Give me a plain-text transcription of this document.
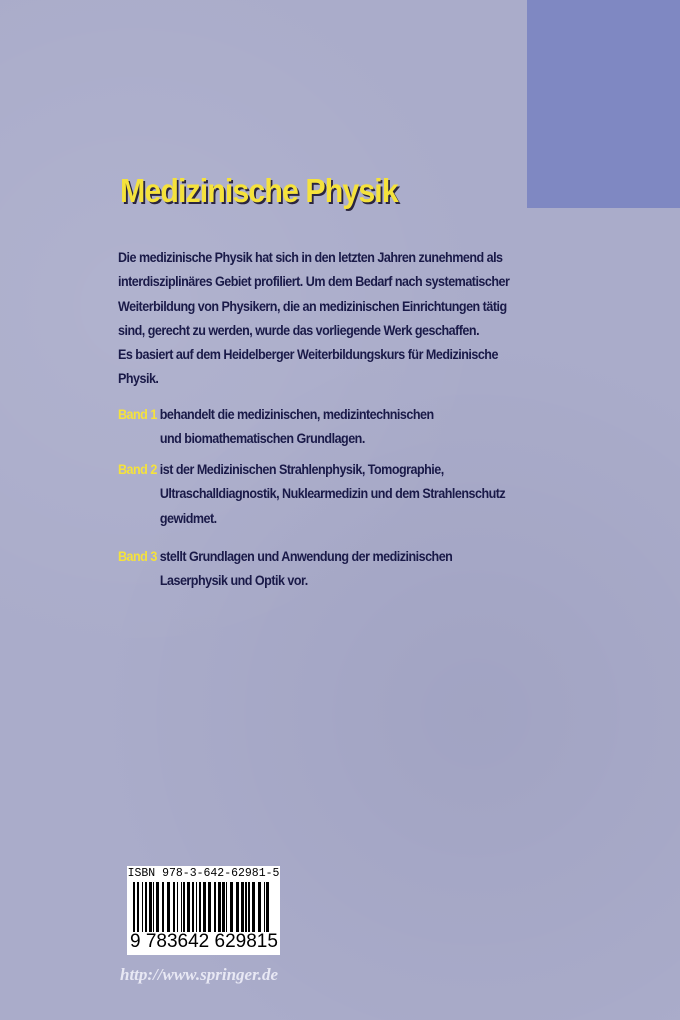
Medizinische Physik
Die medizinische Physik hat sich in den letzten Jahren zunehmend als
interdisziplinäres Gebiet profiliert. Um dem Bedarf nach systematischer
Weiterbildung von Physikern, die an medizinischen Einrichtungen tätig
sind, gerecht zu werden, wurde das vorliegende Werk geschaffen.
Es basiert auf dem Heidelberger Weiterbildungskurs für Medizinische
Physik.
Band 1 behandelt die medizinischen, medizintechnischen
und biomathematischen Grundlagen.
Band 2 ist der Medizinischen Strahlenphysik, Tomographie,
Ultraschalldiagnostik, Nuklearmedizin und dem Strahlenschutz
gewidmet.
Band 3 stellt Grundlagen und Anwendung der medizinischen
Laserphysik und Optik vor.
ISBN 978-3-642-62981-5
9 783642 629815
http://www.springer.de
